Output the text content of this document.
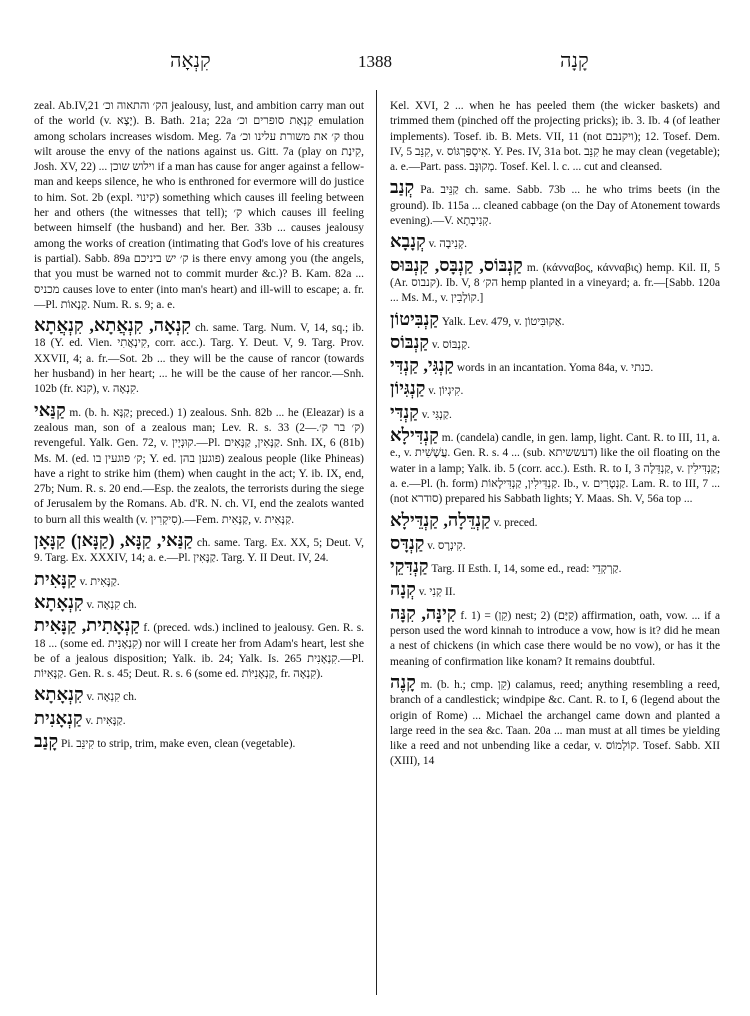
קִנְאָה	1388	קָנָה

zeal. Ab.IV,21 הק׳ והתאוה וכ׳ jealousy, lust, and ambition carry man out of the world (v. יָצָא). B. Bath. 21a; 22a קִנְאַת סופרים וכ׳ emulation among scholars increases wisdom. Meg. 7a ק׳ את משורת עלינו וכ׳ thou wilt arouse the envy of the nations against us. Gitt. 7a (play on קִינַת, Josh. XV, 22) ... וילוש שוכן if a man has cause for anger against a fellow-man and keeps silence, he who is enthroned for evermore will do justice to him. Sot. 2b (expl. קינוי) something which causes ill feeling between her and others (the witnesses that tell); ק׳ which causes ill feeling between himself (the husband) and her. Ber. 33b ... causes jealousy among the works of creation (intimating that God's love of his creatures is partial). Sabb. 89a ק׳ יש ביניכם is there envy among you (the angels, that you must be warned not to commit murder &c.)? B. Kam. 82a ... מכניס causes love to enter (into man's heart) and ill-will to escape; a. fr.—Pl. קְנָאוֹת. Num. R. s. 9; a. e.

קִנְאָה, קִנְאֲתָא, קִנְאֲתָא ch. same. Targ. Num. V, 14, sq.; ib. 18 (Y. ed. Vien. קִינְאֲתִי, corr. acc.). Targ. Y. Deut. V, 9. Targ. Prov. XXVII, 4; a. fr.—Sot. 2b ... they will be the cause of rancor (towards her husband) in her heart; ... he will be the cause of her rancor.—Snh. 102b (fr. קנא), v. קִנְאָה.

קַנַּאי m. (b. h. קַנָּא; preced.) 1) zealous. Snh. 82b ... he (Eleazar) is a zealous man, son of a zealous man; Lev. R. s. 33 (ק׳ בר ק׳.—2) revengeful. Yalk. Gen. 72, v. קוּנְיָין.—Pl. קַנָּאִין, קַנָּאִים. Snh. IX, 6 (81b) Ms. M. (ed. ק׳ פוגעין בו; Y. ed. פוגען בהן) zealous people (like Phineas) have a right to strike him (them) when caught in the act; Y. ib. IX, end, 27b; Num. R. s. 20 end.—Esp. the zealots, the terrorists during the siege of Jerusalem by the Romans. Ab. d'R. N. ch. VI, end the zealots wanted to burn all this wealth (v. סִיקְרִין).—Fem. קַנָּאִית, v. קַנָּאִית.

קַנַּאי, קַנָּא, (קַנָּאן) קַנָּאָן ch. same. Targ. Ex. XX, 5; Deut. V, 9. Targ. Ex. XXXIV, 14; a. e.—Pl. קַנָּאִין. Targ. Y. II Deut. IV, 24.

קַנָּאִית v. קַנָּאִית.

קִנְאָתָא v. קִנְאָה ch.

קַנְאָתִית, קַנָּאִית f. (preced. wds.) inclined to jealousy. Gen. R. s. 18 ... (some ed. קִנְאָנִית) nor will I create her from Adam's heart, lest she be of a jealous disposition; Yalk. ib. 24; Yalk. Is. 265 קִנְאָנִית.—Pl. קַנָּאִיוֹת. Gen. R. s. 45; Deut. R. s. 6 (some ed. קַנְאָנִיּוֹת, fr. קִנְאָה).

קִנְאָתָא v. קִנְאָה ch.

קַנְאָנִית v. קַנָּאִית.

קָנַב Pi. קִינֵּב to strip, trim, make even, clean (vegetable).

Kel. XVI, 2 ... when he has peeled them (the wicker baskets) and trimmed them (pinched off the projecting pricks); ib. 3. Ib. 4 (of leather implements). Tosef. ib. B. Mets. VII, 11 (not ויקנבם); 12. Tosef. Dem. IV, 5 קִנֵּב, v. אִיסְפַּרְגּוֹס. Y. Pes. IV, 31a bot. קִנֵּב he may clean (vegetable); a. e.—Part. pass. מְקוּנָּב. Tosef. Kel. l. c. ... cut and cleansed.

קְנַב Pa. קַנֵּיב ch. same. Sabb. 73b ... he who trims beets (in the ground). Ib. 115a ... cleaned cabbage (on the Day of Atonement towards evening).—V. קְנִיבְתָא.

קְנָבָא v. קְנִיבָה.

קַנְבּוֹס, קַנְבָּס, קַנְבּוּס m. (κάνναβος, κάνναβις) hemp. Kil. II, 5 (Ar. קנבוס). Ib. V, 8 הק׳ hemp planted in a vineyard; a. fr.—[Sabb. 120a ... Ms. M., v. קוֹלְבִין.]

קַנְבִּיטוֹן Yalk. Lev. 479, v. אַקוּבִּיטוֹן.

קַנְבּוֹס v. קַנְבּוֹס.

קַנְגִּי, קַנְדִּי words in an incantation. Yoma 84a, v. כנתי.

קַנְגִּיוֹן v. קִיגְיוֹן.

קַנְדִּי v. קַנְגִּי.

קַנְדִּילָא m. (candela) candle, in gen. lamp, light. Cant. R. to III, 11, a. e., v. עֲשָׁשִׁית. Gen. R. s. 4 ... (sub. דעששיתא) like the oil floating on the water in a lamp; Yalk. ib. 5 (corr. acc.). Esth. R. to I, 3 קַנְדֵּלָה, v. קַנְדִּילִין; a. e.—Pl. (h. form) קַנְדִּילִין, קַנְדִּילָאוֹת. Ib., v. קַנְטָרִים. Lam. R. to III, 7 ... (not סודרא) prepared his Sabbath lights; Y. Maas. Sh. V, 56a top ...

קַנְדֵּלָה, קַנְדֵּילָא v. preced.

קַנְדָּס v. קִינְרָס.

קַנְדִּקֵי Targ. II Esth. I, 14, some ed., read: קַרְקְדֵי.

קְנָה v. קְנִי II.

קִינָּה, קִנָּה f. 1) = (קֵן) nest; 2) (קַיָּם) affirmation, oath, vow. ... if a person used the word kinnah to introduce a vow, how is it? did he mean a nest of chickens (in which case there would be no vow), or has it the meaning of confirmation like konam? It remains doubtful.

קָנֶה m. (b. h.; cmp. קֵן) calamus, reed; anything resembling a reed, branch of a candlestick; windpipe &c. Cant. R. to I, 6 (legend about the origin of Rome) ... Michael the archangel came down and planted a large reed in the sea &c. Taan. 20a ... man must at all times be yielding like a reed and not unbending like a cedar, v. קוֹלְמוֹס. Tosef. Sabb. XII (XIII), 14
